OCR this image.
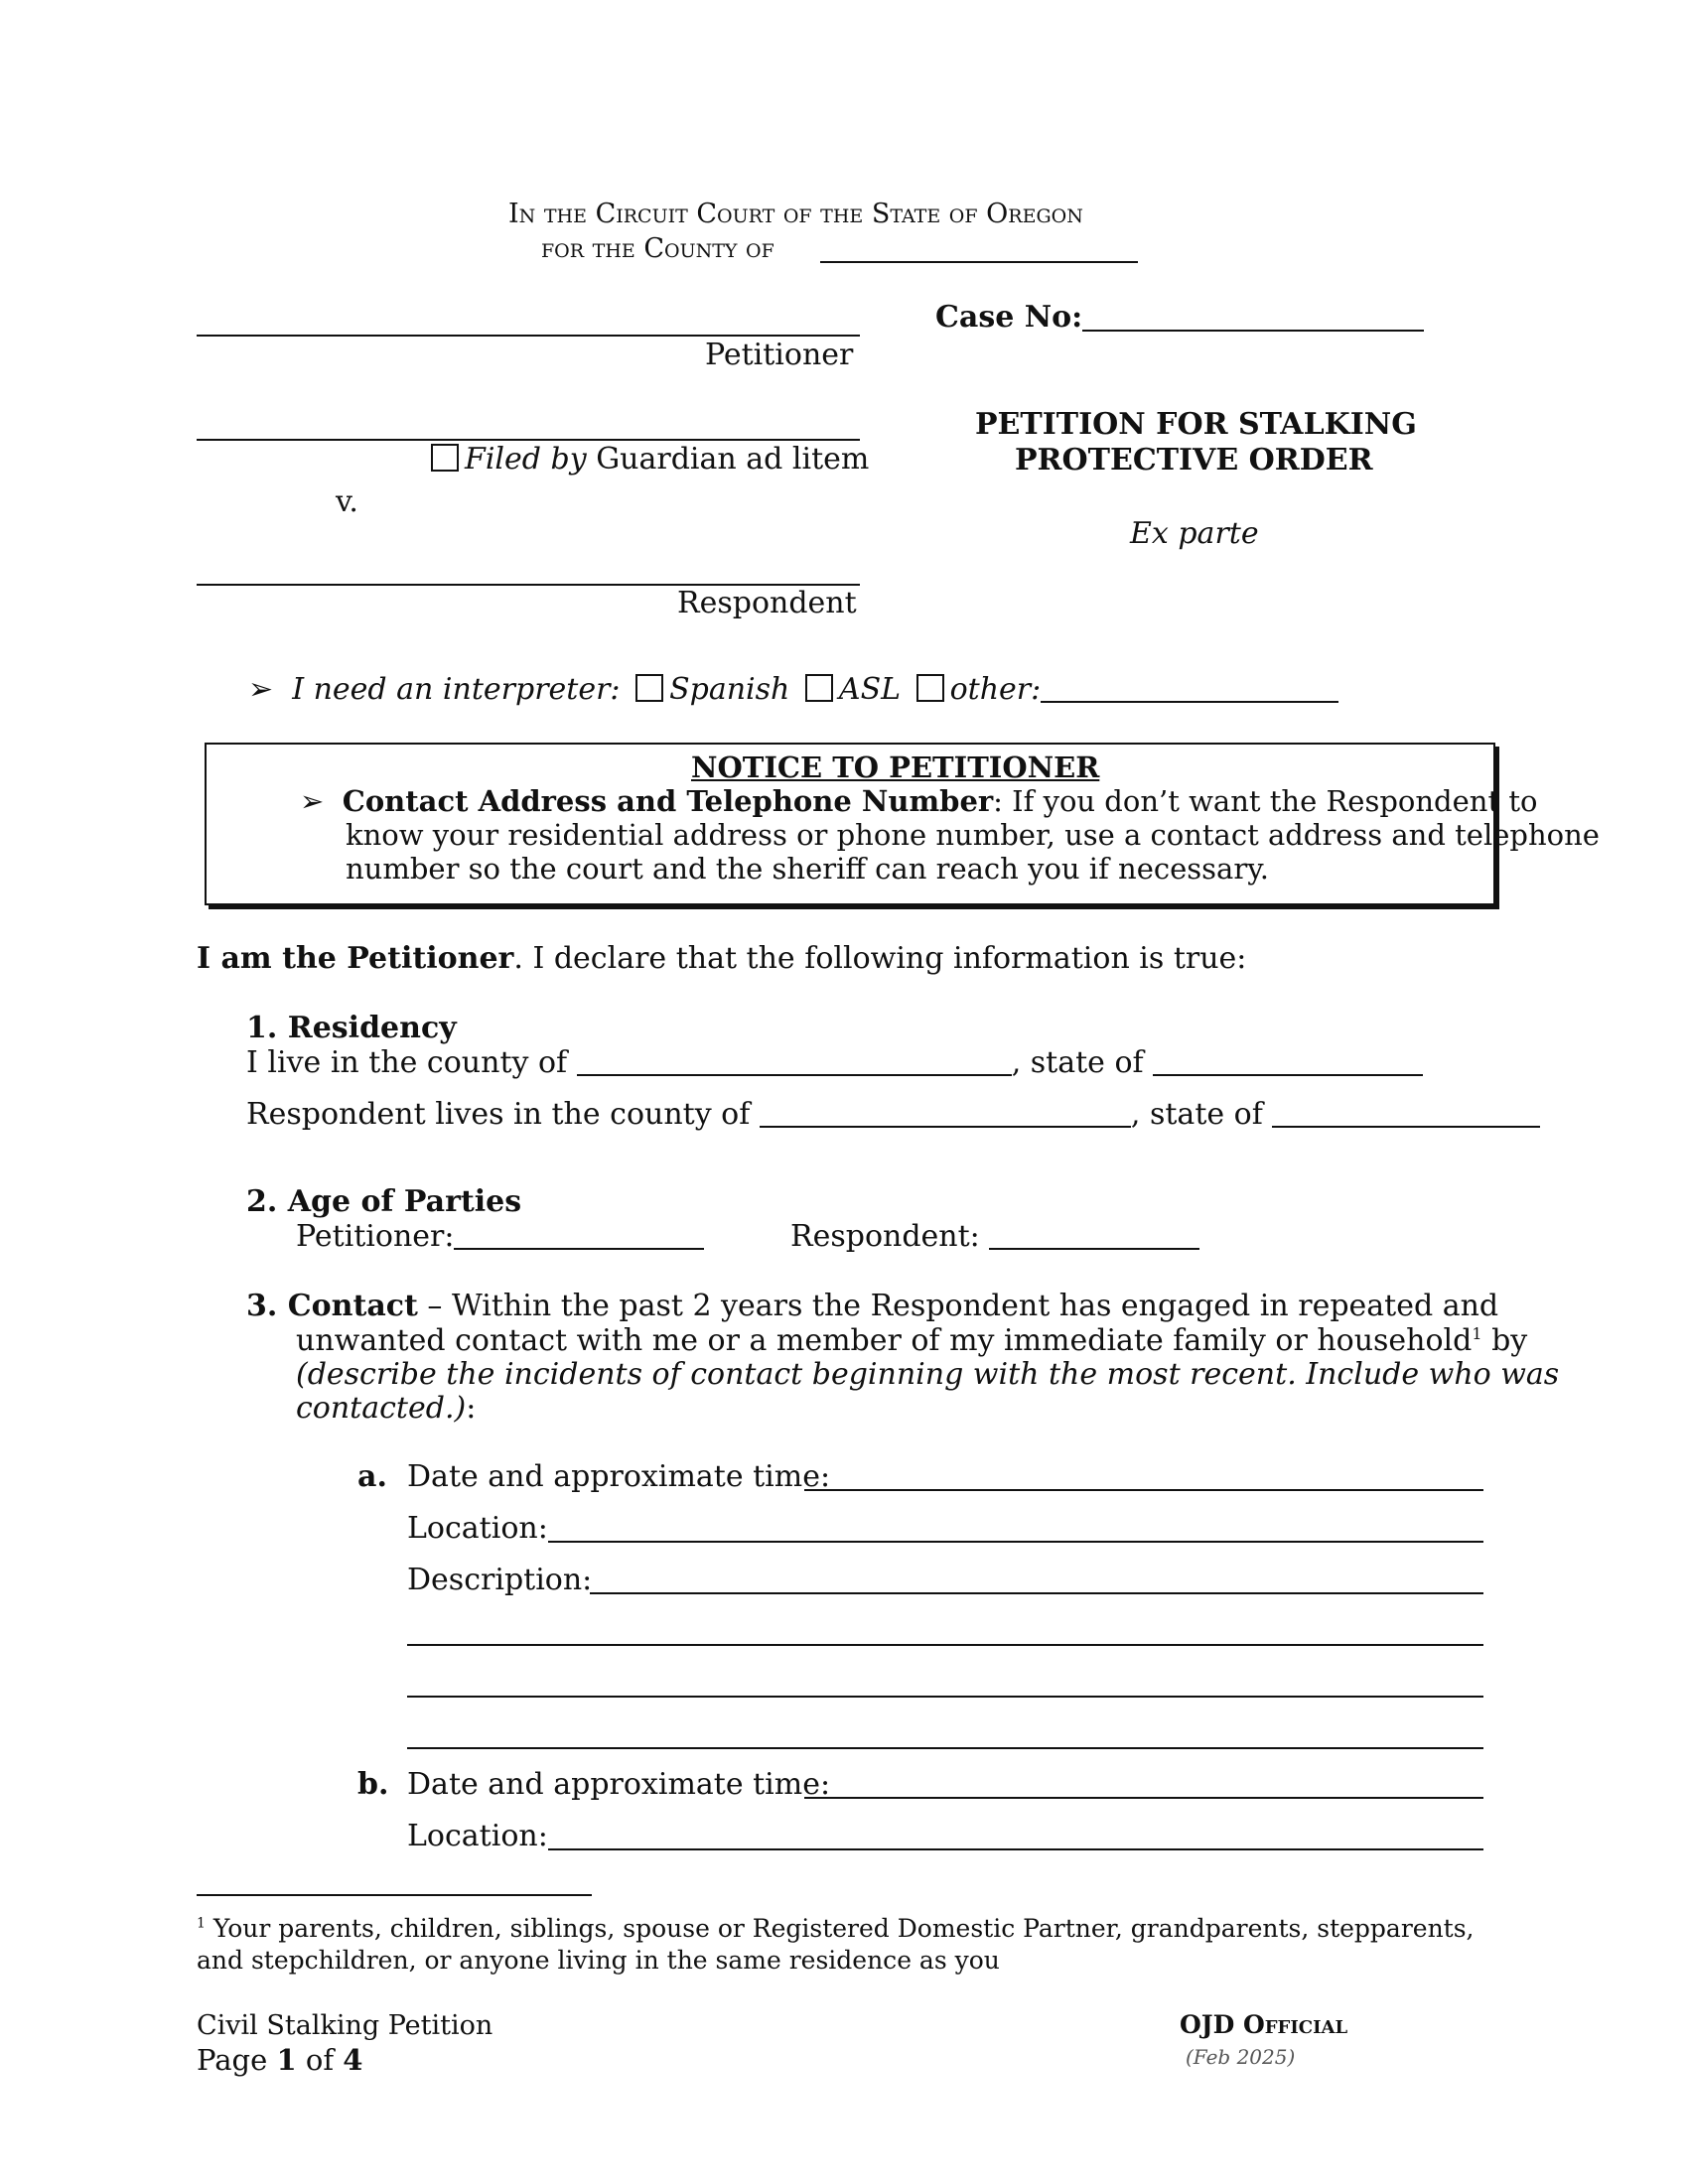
In the Circuit Court of the State of Oregon
for the County of
Petitioner
Filed by Guardian ad litem
v.
Respondent
Case No:
PETITION FOR STALKING
PROTECTIVE ORDER
Ex parte
➢ I need an interpreter: Spanish ASL other:
NOTICE TO PETITIONER
➢ Contact Address and Telephone Number: If you don’t want the Respondent to
know your residential address or phone number, use a contact address and telephone
number so the court and the sheriff can reach you if necessary.
I am the Petitioner. I declare that the following information is true:
1. Residency
I live in the county of	, state of
Respondent lives in the county of	, state of
2. Age of Parties
Petitioner:	Respondent:
3. Contact – Within the past 2 years the Respondent has engaged in repeated and
unwanted contact with me or a member of my immediate family or household$^1$ by
(describe the incidents of contact beginning with the most recent. Include who was
contacted.):
a. Date and approximate time:
Location:
Description:
b. Date and approximate time:
Location:
$^1$ Your parents, children, siblings, spouse or Registered Domestic Partner, grandparents, stepparents,
and stepchildren, or anyone living in the same residence as you
Civil Stalking Petition
Page 1 of 4
OJD Official
(Feb 2025)
